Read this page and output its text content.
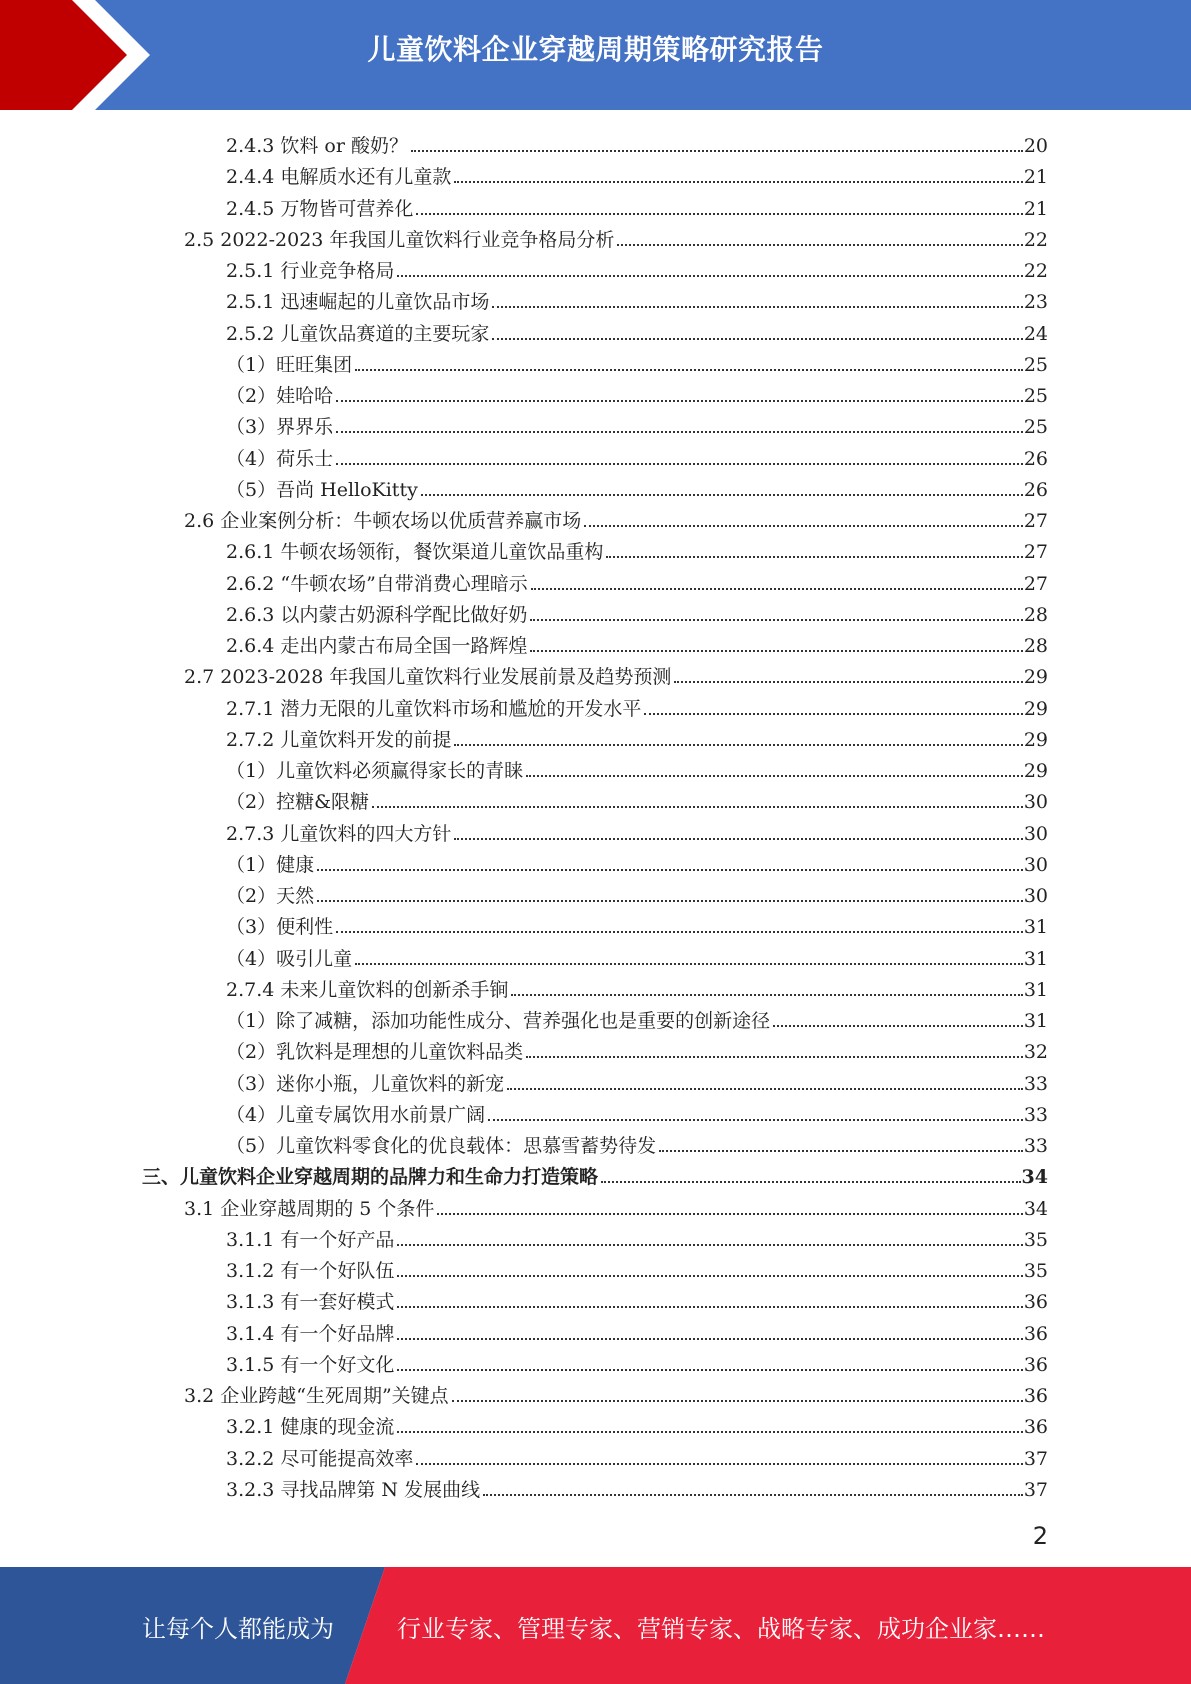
儿童饮料企业穿越周期策略研究报告
2.4.3 饮料 or 酸奶？	20
2.4.4 电解质水还有儿童款	21
2.4.5 万物皆可营养化	21
2.5 2022-2023 年我国儿童饮料行业竞争格局分析	22
2.5.1 行业竞争格局	22
2.5.1 迅速崛起的儿童饮品市场	23
2.5.2 儿童饮品赛道的主要玩家	24
（1）旺旺集团	25
（2）娃哈哈	25
（3）界界乐	25
（4）荷乐士	26
（5）吾尚 HelloKitty	26
2.6 企业案例分析：牛顿农场以优质营养赢市场	27
2.6.1 牛顿农场领衔，餐饮渠道儿童饮品重构	27
2.6.2 “牛顿农场”自带消费心理暗示	27
2.6.3 以内蒙古奶源科学配比做好奶	28
2.6.4 走出内蒙古布局全国一路辉煌	28
2.7 2023-2028 年我国儿童饮料行业发展前景及趋势预测	29
2.7.1 潜力无限的儿童饮料市场和尴尬的开发水平	29
2.7.2 儿童饮料开发的前提	29
（1）儿童饮料必须赢得家长的青睐	29
（2）控糖&限糖	30
2.7.3 儿童饮料的四大方针	30
（1）健康	30
（2）天然	30
（3）便利性	31
（4）吸引儿童	31
2.7.4 未来儿童饮料的创新杀手锏	31
（1）除了减糖，添加功能性成分、营养强化也是重要的创新途径	31
（2）乳饮料是理想的儿童饮料品类	32
（3）迷你小瓶，儿童饮料的新宠	33
（4）儿童专属饮用水前景广阔	33
（5）儿童饮料零食化的优良载体：思慕雪蓄势待发	33
三、儿童饮料企业穿越周期的品牌力和生命力打造策略	34
3.1 企业穿越周期的 5 个条件	34
3.1.1 有一个好产品	35
3.1.2 有一个好队伍	35
3.1.3 有一套好模式	36
3.1.4 有一个好品牌	36
3.1.5 有一个好文化	36
3.2 企业跨越“生死周期”关键点	36
3.2.1 健康的现金流	36
3.2.2 尽可能提高效率	37
3.2.3 寻找品牌第 N 发展曲线	37
2
让每个人都能成为	行业专家、管理专家、营销专家、战略专家、成功企业家……
